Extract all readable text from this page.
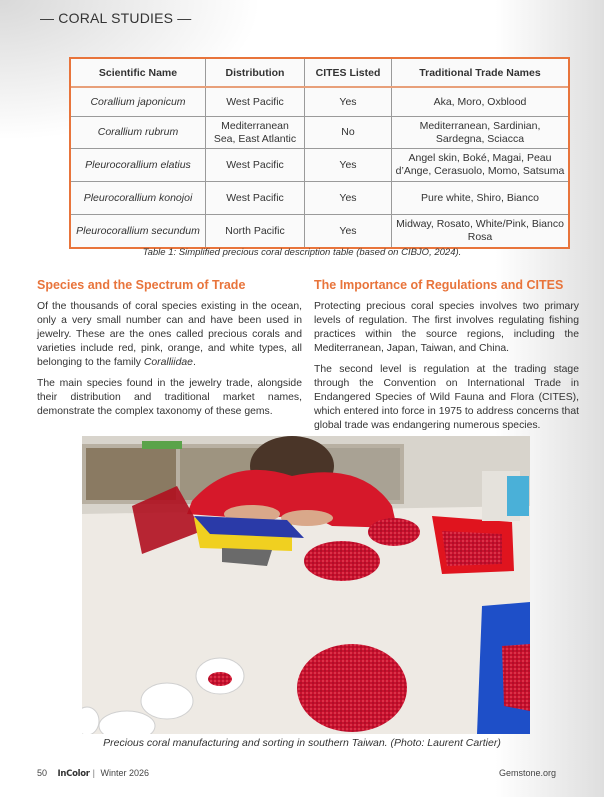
— CORAL STUDIES —
Scientific Name	Distribution	CITES Listed	Traditional Trade Names
Corallium japonicum	West Pacific	Yes	Aka, Moro, Oxblood
Corallium rubrum	Mediterranean Sea, East Atlantic	No	Mediterranean, Sardinian, Sardegna, Sciacca
Pleurocorallium elatius	West Pacific	Yes	Angel skin, Boké, Magai, Peau d’Ange, Cerasuolo, Momo, Satsuma
Pleurocorallium konojoi	West Pacific	Yes	Pure white, Shiro, Bianco
Pleurocorallium secundum	North Pacific	Yes	Midway, Rosato, White/Pink, Bianco Rosa
Table 1: Simplified precious coral description table (based on CIBJO, 2024).
Species and the Spectrum of Trade

Of the thousands of coral species existing in the ocean, only a very small number can and have been used in jewelry. These are the ones called precious corals and varieties include red, pink, orange, and white types, all belonging to the family Coralliidae.

The main species found in the jewelry trade, alongside their distribution and traditional market names, demonstrate the complex taxonomy of these gems.

The Importance of Regulations and CITES

Protecting precious coral species involves two primary levels of regulation. The first involves regulating fishing practices within the source regions, including the Mediterranean, Japan, Taiwan, and China.

The second level is regulation at the trading stage through the Convention on International Trade in Endangered Species of Wild Fauna and Flora (CITES), which entered into force in 1975 to address concerns that global trade was endangering numerous species.

Precious coral manufacturing and sorting in southern Taiwan. (Photo: Laurent Cartier)
50 InColor | Winter 2026	Gemstone.org
